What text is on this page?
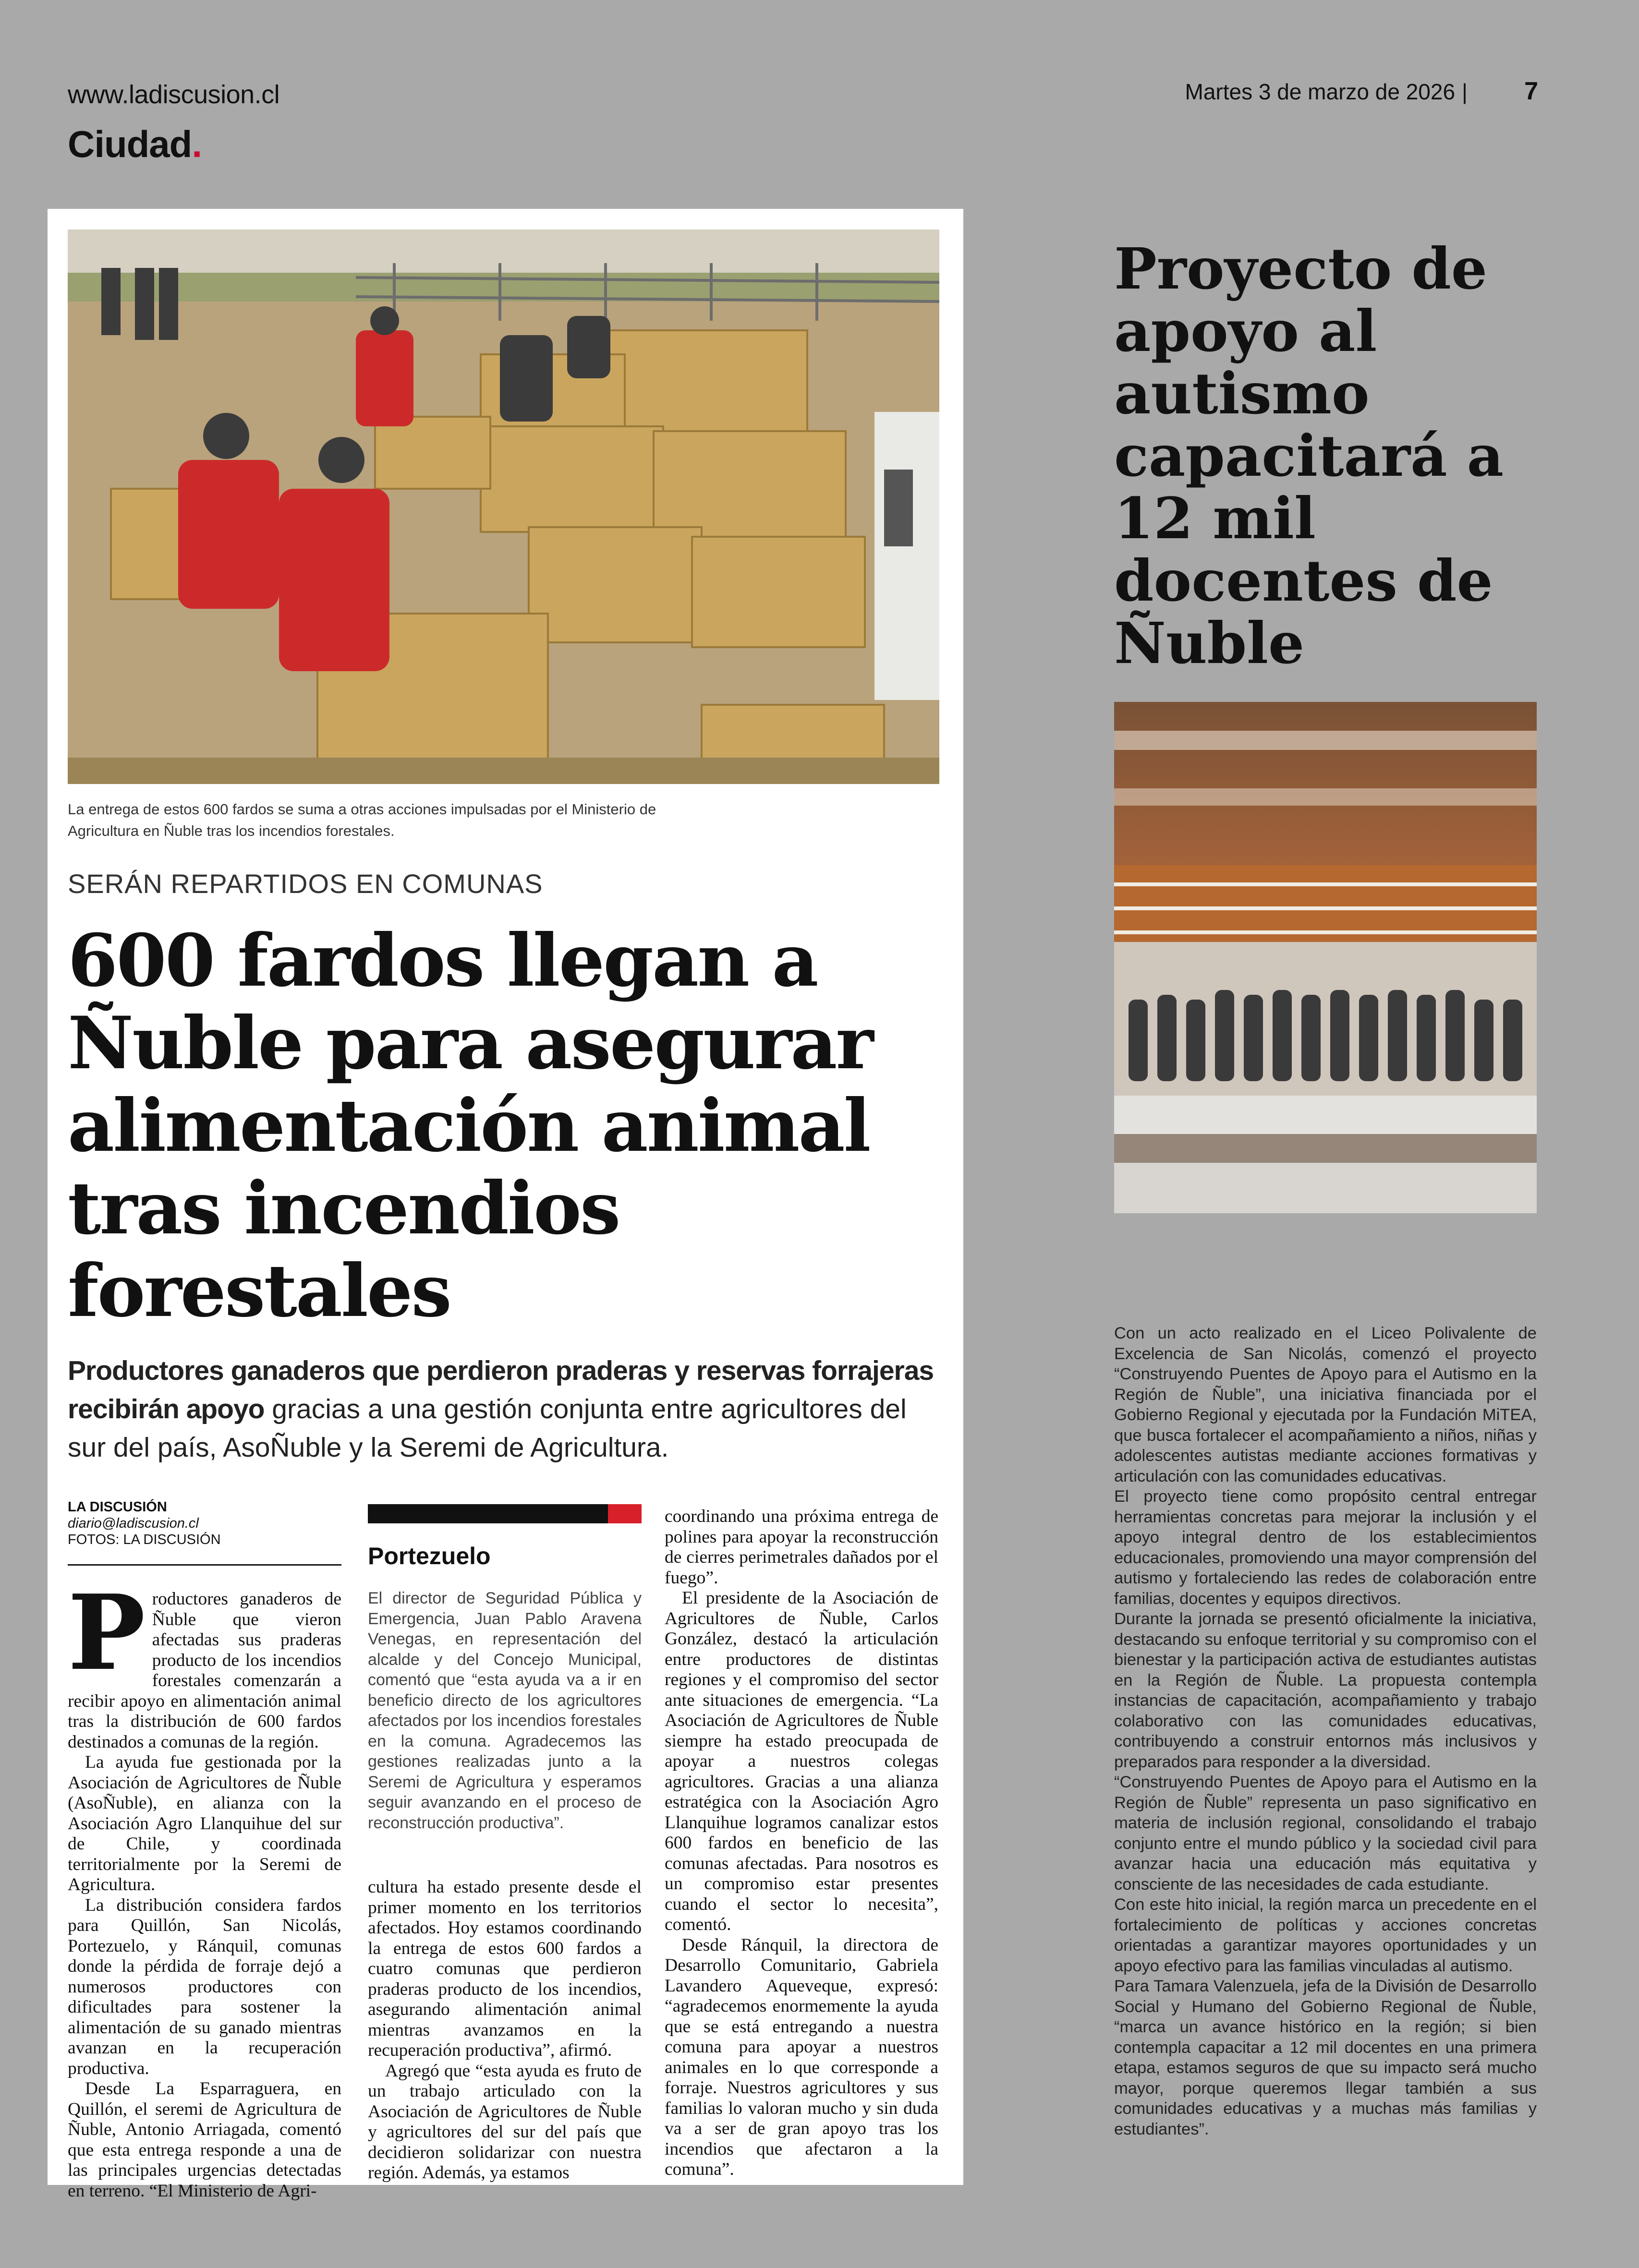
www.ladiscusion.cl	Martes 3 de marzo de 2026 |	7
Ciudad.
La entrega de estos 600 fardos se suma a otras acciones impulsadas por el Ministerio de Agricultura en Ñuble tras los incendios forestales.
SERÁN REPARTIDOS EN COMUNAS
600 fardos llegan a Ñuble para asegurar alimentación animal tras incendios forestales
Productores ganaderos que perdieron praderas y reservas forrajeras recibirán apoyo gracias a una gestión conjunta entre agricultores del sur del país, AsoÑuble y la Seremi de Agricultura.
LA DISCUSIÓN
diario@ladiscusion.cl
FOTOS: LA DISCUSIÓN

Productores ganaderos de Ñuble que vieron afectadas sus praderas producto de los incendios forestales comenzarán a recibir apoyo en alimentación animal tras la distribución de 600 fardos destinados a comunas de la región.

La ayuda fue gestionada por la Asociación de Agricultores de Ñuble (AsoÑuble), en alianza con la Asociación Agro Llanquihue del sur de Chile, y coordinada territorialmente por la Seremi de Agricultura.

La distribución considera fardos para Quillón, San Nicolás, Portezuelo, y Ránquil, comunas donde la pérdida de forraje dejó a numerosos productores con dificultades para sostener la alimentación de su ganado mientras avanzan en la recuperación productiva.

Desde La Esparraguera, en Quillón, el seremi de Agricultura de Ñuble, Antonio Arriagada, comentó que esta entrega responde a una de las principales urgencias detectadas en terreno. “El Ministerio de Agri-

Portezuelo
El director de Seguridad Pública y Emergencia, Juan Pablo Aravena Venegas, en representación del alcalde y del Concejo Municipal, comentó que “esta ayuda va a ir en beneficio directo de los agricultores afectados por los incendios forestales en la comuna. Agradecemos las gestiones realizadas junto a la Seremi de Agricultura y esperamos seguir avanzando en el proceso de reconstrucción productiva”.

cultura ha estado presente desde el primer momento en los territorios afectados. Hoy estamos coordinando la entrega de estos 600 fardos a cuatro comunas que perdieron praderas producto de los incendios, asegurando alimentación animal mientras avanzamos en la recuperación productiva”, afirmó.

Agregó que “esta ayuda es fruto de un trabajo articulado con la Asociación de Agricultores de Ñuble y agricultores del sur del país que decidieron solidarizar con nuestra región. Además, ya estamos

coordinando una próxima entrega de polines para apoyar la reconstrucción de cierres perimetrales dañados por el fuego”.

El presidente de la Asociación de Agricultores de Ñuble, Carlos González, destacó la articulación entre productores de distintas regiones y el compromiso del sector ante situaciones de emergencia. “La Asociación de Agricultores de Ñuble siempre ha estado preocupada de apoyar a nuestros colegas agricultores. Gracias a una alianza estratégica con la Asociación Agro Llanquihue logramos canalizar estos 600 fardos en beneficio de las comunas afectadas. Para nosotros es un compromiso estar presentes cuando el sector lo necesita”, comentó.

Desde Ránquil, la directora de Desarrollo Comunitario, Gabriela Lavandero Aqueveque, expresó: “agradecemos enormemente la ayuda que se está entregando a nuestra comuna para apoyar a nuestros animales en lo que corresponde a forraje. Nuestros agricultores y sus familias lo valoran mucho y sin duda va a ser de gran apoyo tras los incendios que afectaron a la comuna”.

Proyecto de apoyo al autismo capacitará a 12 mil docentes de Ñuble

Con un acto realizado en el Liceo Polivalente de Excelencia de San Nicolás, comenzó el proyecto “Construyendo Puentes de Apoyo para el Autismo en la Región de Ñuble”, una iniciativa financiada por el Gobierno Regional y ejecutada por la Fundación MiTEA, que busca fortalecer el acompañamiento a niños, niñas y adolescentes autistas mediante acciones formativas y articulación con las comunidades educativas.

El proyecto tiene como propósito central entregar herramientas concretas para mejorar la inclusión y el apoyo integral dentro de los establecimientos educacionales, promoviendo una mayor comprensión del autismo y fortaleciendo las redes de colaboración entre familias, docentes y equipos directivos.

Durante la jornada se presentó oficialmente la iniciativa, destacando su enfoque territorial y su compromiso con el bienestar y la participación activa de estudiantes autistas en la Región de Ñuble. La propuesta contempla instancias de capacitación, acompañamiento y trabajo colaborativo con las comunidades educativas, contribuyendo a construir entornos más inclusivos y preparados para responder a la diversidad.

“Construyendo Puentes de Apoyo para el Autismo en la Región de Ñuble” representa un paso significativo en materia de inclusión regional, consolidando el trabajo conjunto entre el mundo público y la sociedad civil para avanzar hacia una educación más equitativa y consciente de las necesidades de cada estudiante.

Con este hito inicial, la región marca un precedente en el fortalecimiento de políticas y acciones concretas orientadas a garantizar mayores oportunidades y un apoyo efectivo para las familias vinculadas al autismo.

Para Tamara Valenzuela, jefa de la División de Desarrollo Social y Humano del Gobierno Regional de Ñuble, “marca un avance histórico en la región; si bien contempla capacitar a 12 mil docentes en una primera etapa, estamos seguros de que su impacto será mucho mayor, porque queremos llegar también a sus comunidades educativas y a muchas más familias y estudiantes”.
